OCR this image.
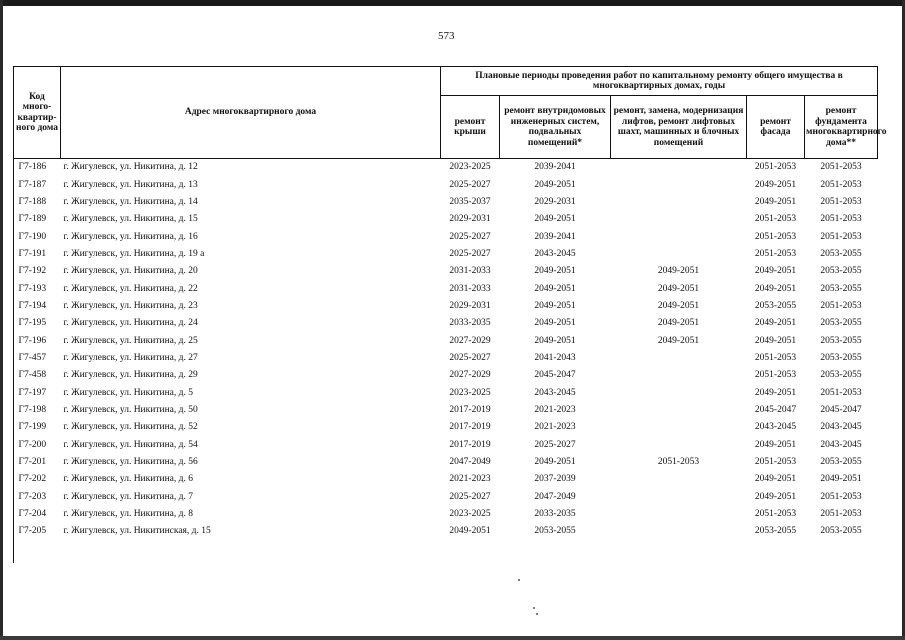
573
Код много-квартир-ного дома	Адрес многоквартирного дома	Плановые периоды проведения работ по капитальному ремонту общего имущества в многоквартирных домах, годы				
		ремонт крыши	ремонт внутридомовых инженерных систем, подвальных помещений*	ремонт, замена, модернизация лифтов, ремонт лифтовых шахт, машинных и блочных помещений	ремонт фасада	ремонт фундамента многоквартирного дома**
Г7-186	г. Жигулевск, ул. Никитина, д. 12	2023-2025	2039-2041		2051-2053	2051-2053
Г7-187	г. Жигулевск, ул. Никитина, д. 13	2025-2027	2049-2051		2049-2051	2051-2053
Г7-188	г. Жигулевск, ул. Никитина, д. 14	2035-2037	2029-2031		2049-2051	2051-2053
Г7-189	г. Жигулевск, ул. Никитина, д. 15	2029-2031	2049-2051		2051-2053	2051-2053
Г7-190	г. Жигулевск, ул. Никитина, д. 16	2025-2027	2039-2041		2051-2053	2051-2053
Г7-191	г. Жигулевск, ул. Никитина, д. 19 а	2025-2027	2043-2045		2051-2053	2053-2055
Г7-192	г. Жигулевск, ул. Никитина, д. 20	2031-2033	2049-2051	2049-2051	2049-2051	2053-2055
Г7-193	г. Жигулевск, ул. Никитина, д. 22	2031-2033	2049-2051	2049-2051	2049-2051	2053-2055
Г7-194	г. Жигулевск, ул. Никитина, д. 23	2029-2031	2049-2051	2049-2051	2053-2055	2051-2053
Г7-195	г. Жигулевск, ул. Никитина, д. 24	2033-2035	2049-2051	2049-2051	2049-2051	2053-2055
Г7-196	г. Жигулевск, ул. Никитина, д. 25	2027-2029	2049-2051	2049-2051	2049-2051	2053-2055
Г7-457	г. Жигулевск, ул. Никитина, д. 27	2025-2027	2041-2043		2051-2053	2053-2055
Г7-458	г. Жигулевск, ул. Никитина, д. 29	2027-2029	2045-2047		2051-2053	2053-2055
Г7-197	г. Жигулевск, ул. Никитина, д. 5	2023-2025	2043-2045		2049-2051	2051-2053
Г7-198	г. Жигулевск, ул. Никитина, д. 50	2017-2019	2021-2023		2045-2047	2045-2047
Г7-199	г. Жигулевск, ул. Никитина, д. 52	2017-2019	2021-2023		2043-2045	2043-2045
Г7-200	г. Жигулевск, ул. Никитина, д. 54	2017-2019	2025-2027		2049-2051	2043-2045
Г7-201	г. Жигулевск, ул. Никитина, д. 56	2047-2049	2049-2051	2051-2053	2051-2053	2053-2055
Г7-202	г. Жигулевск, ул. Никитина, д. 6	2021-2023	2037-2039		2049-2051	2049-2051
Г7-203	г. Жигулевск, ул. Никитина, д. 7	2025-2027	2047-2049		2049-2051	2051-2053
Г7-204	г. Жигулевск, ул. Никитина, д. 8	2023-2025	2033-2035		2051-2053	2051-2053
Г7-205	г. Жигулевск, ул. Никитинская, д. 15	2049-2051	2053-2055		2053-2055	2053-2055
